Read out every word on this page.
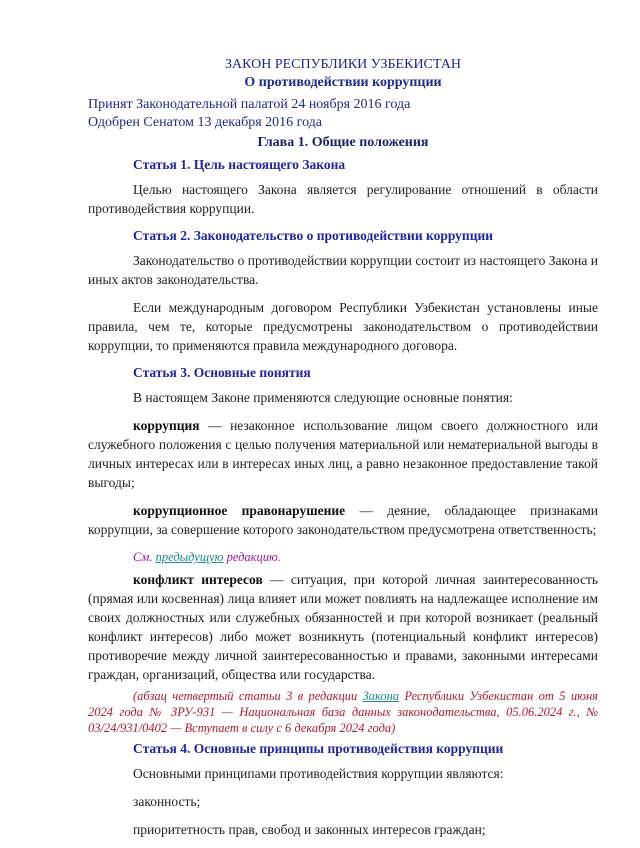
ЗАКОН РЕСПУБЛИКИ УЗБЕКИСТАН
О противодействии коррупции
Принят Законодательной палатой 24 ноября 2016 года
Одобрен Сенатом 13 декабря 2016 года
Глава 1. Общие положения
Статья 1. Цель настоящего Закона

Целью настоящего Закона является регулирование отношений в области противодействия коррупции.

Статья 2. Законодательство о противодействии коррупции

Законодательство о противодействии коррупции состоит из настоящего Закона и иных актов законодательства.

Если международным договором Республики Узбекистан установлены иные правила, чем те, которые предусмотрены законодательством о противодействии коррупции, то применяются правила международного договора.

Статья 3. Основные понятия

В настоящем Законе применяются следующие основные понятия:

коррупция — незаконное использование лицом своего должностного или служебного положения с целью получения материальной или нематериальной выгоды в личных интересах или в интересах иных лиц, а равно незаконное предоставление такой выгоды;

коррупционное правонарушение — деяние, обладающее признаками коррупции, за совершение которого законодательством предусмотрена ответственность;

См. предыдущую редакцию.

конфликт интересов — ситуация, при которой личная заинтересованность (прямая или косвенная) лица влияет или может повлиять на надлежащее исполнение им своих должностных или служебных обязанностей и при которой возникает (реальный конфликт интересов) либо может возникнуть (потенциальный конфликт интересов) противоречие между личной заинтересованностью и правами, законными интересами граждан, организаций, общества или государства.

(абзац четвертый статьи 3 в редакции Закона Республики Узбекистан от 5 июня 2024 года № ЗРУ-931 — Национальная база данных законодательства, 05.06.2024 г., № 03/24/931/0402 — Вступает в силу с 6 декабря 2024 года)

Статья 4. Основные принципы противодействия коррупции

Основными принципами противодействия коррупции являются:

законность;

приоритетность прав, свобод и законных интересов граждан;
